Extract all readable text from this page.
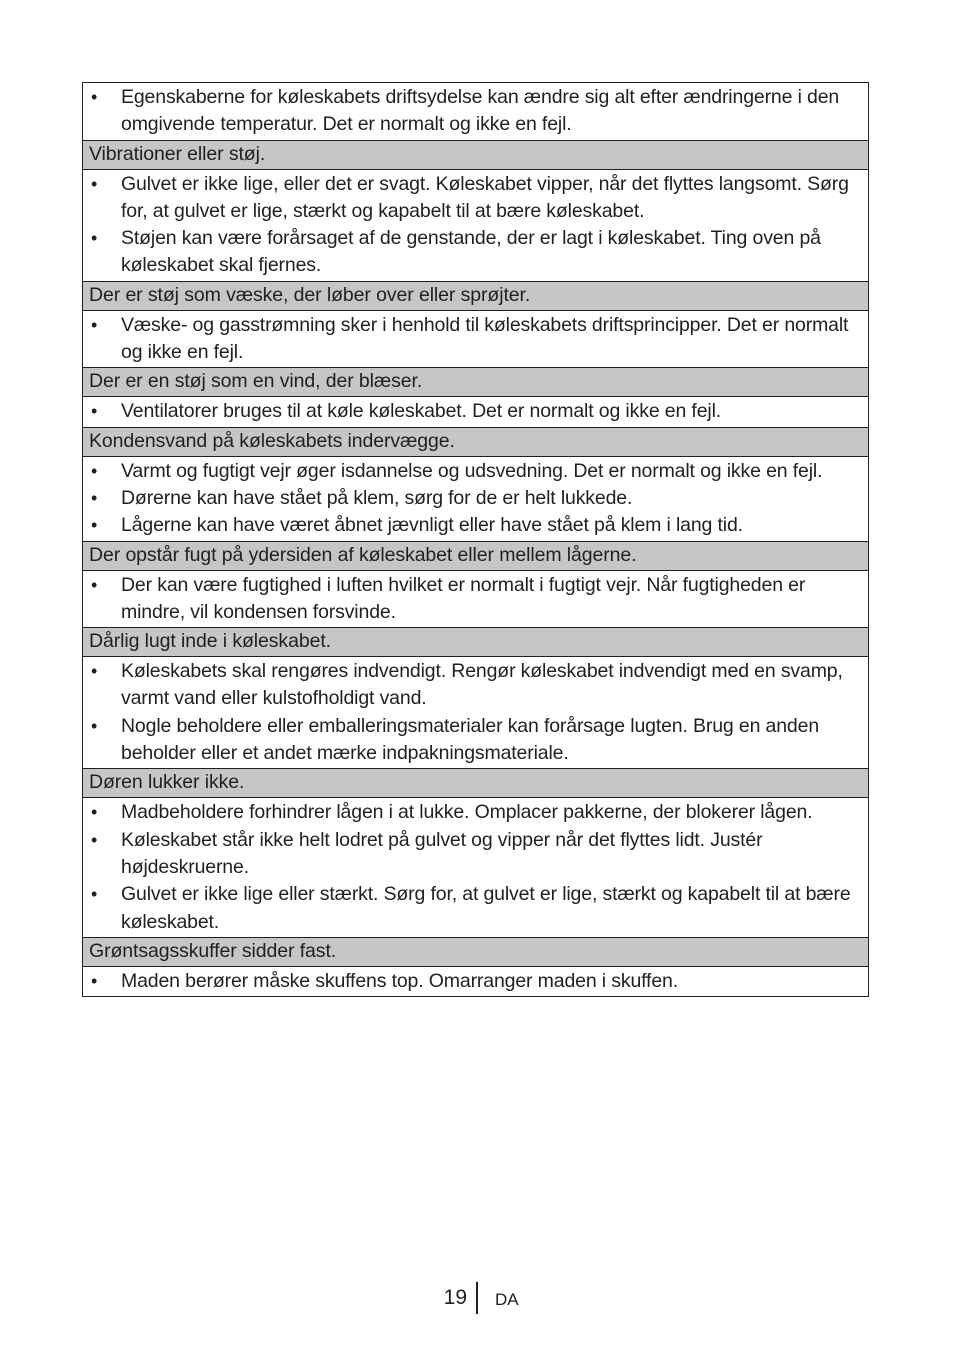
• Egenskaberne for køleskabets driftsydelse kan ændre sig alt efter ændringerne i den omgivende temperatur. Det er normalt og ikke en fejl.
Vibrationer eller støj.
• Gulvet er ikke lige, eller det er svagt. Køleskabet vipper, når det flyttes langsomt. Sørg for, at gulvet er lige, stærkt og kapabelt til at bære køleskabet.
• Støjen kan være forårsaget af de genstande, der er lagt i køleskabet. Ting oven på køleskabet skal fjernes.
Der er støj som væske, der løber over eller sprøjter.
• Væske- og gasstrømning sker i henhold til køleskabets driftsprincipper. Det er normalt og ikke en fejl.
Der er en støj som en vind, der blæser.
• Ventilatorer bruges til at køle køleskabet. Det er normalt og ikke en fejl.
Kondensvand på køleskabets indervægge.
• Varmt og fugtigt vejr øger isdannelse og udsvedning. Det er normalt og ikke en fejl.
• Dørerne kan have stået på klem, sørg for de er helt lukkede.
• Lågerne kan have været åbnet jævnligt eller have stået på klem i lang tid.
Der opstår fugt på ydersiden af køleskabet eller mellem lågerne.
• Der kan være fugtighed i luften hvilket er normalt i fugtigt vejr. Når fugtigheden er mindre, vil kondensen forsvinde.
Dårlig lugt inde i køleskabet.
• Køleskabets skal rengøres indvendigt. Rengør køleskabet indvendigt med en svamp, varmt vand eller kulstofholdigt vand.
• Nogle beholdere eller emballeringsmaterialer kan forårsage lugten. Brug en anden beholder eller et andet mærke indpakningsmateriale.
Døren lukker ikke.
• Madbeholdere forhindrer lågen i at lukke. Omplacer pakkerne, der blokerer lågen.
• Køleskabet står ikke helt lodret på gulvet og vipper når det flyttes lidt. Justér højdeskruerne.
• Gulvet er ikke lige eller stærkt. Sørg for, at gulvet er lige, stærkt og kapabelt til at bære køleskabet.
Grøntsagsskuffer sidder fast.
• Maden berører måske skuffens top. Omarranger maden i skuffen.
19 DA
